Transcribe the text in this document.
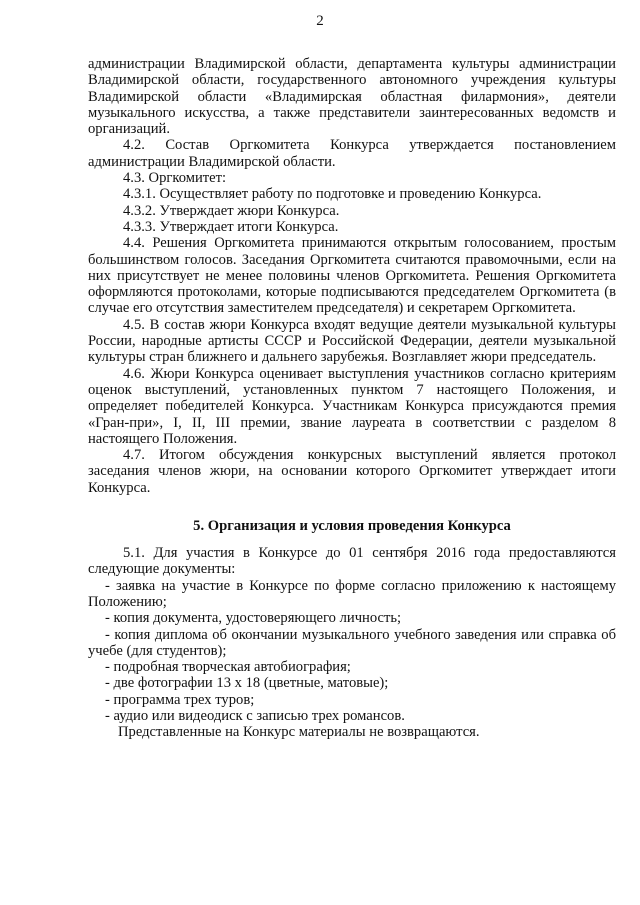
2

администрации Владимирской области, департамента культуры администрации Владимирской области, государственного автономного учреждения культуры Владимирской области «Владимирская областная филармония», деятели музыкального искусства, а также представители заинтересованных ведомств и организаций.

4.2. Состав Оргкомитета Конкурса утверждается постановлением администрации Владимирской области.

4.3. Оргкомитет:

4.3.1. Осуществляет работу по подготовке и проведению Конкурса.

4.3.2. Утверждает жюри Конкурса.

4.3.3. Утверждает итоги Конкурса.

4.4. Решения Оргкомитета принимаются открытым голосованием, простым большинством голосов. Заседания Оргкомитета считаются правомочными, если на них присутствует не менее половины членов Оргкомитета. Решения Оргкомитета оформляются протоколами, которые подписываются председателем Оргкомитета (в случае его отсутствия заместителем председателя) и секретарем Оргкомитета.

4.5. В состав жюри Конкурса входят ведущие деятели музыкальной культуры России, народные артисты СССР и Российской Федерации, деятели музыкальной культуры стран ближнего и дальнего зарубежья. Возглавляет жюри председатель.

4.6. Жюри Конкурса оценивает выступления участников согласно критериям оценок выступлений, установленных пунктом 7 настоящего Положения, и определяет победителей Конкурса. Участникам Конкурса присуждаются премия «Гран-при», I, II, III премии, звание лауреата в соответствии с разделом 8 настоящего Положения.

4.7. Итогом обсуждения конкурсных выступлений является протокол заседания членов жюри, на основании которого Оргкомитет утверждает итоги Конкурса.

5. Организация и условия проведения Конкурса

5.1. Для участия в Конкурсе до 01 сентября 2016 года предоставляются следующие документы:

- заявка на участие в Конкурсе по форме согласно приложению к настоящему Положению;

- копия документа, удостоверяющего личность;

- копия диплома об окончании музыкального учебного заведения или справка об учебе (для студентов);

- подробная творческая автобиография;

- две фотографии 13 х 18 (цветные, матовые);

- программа трех туров;

- аудио или видеодиск с записью трех романсов.

Представленные на Конкурс материалы не возвращаются.
